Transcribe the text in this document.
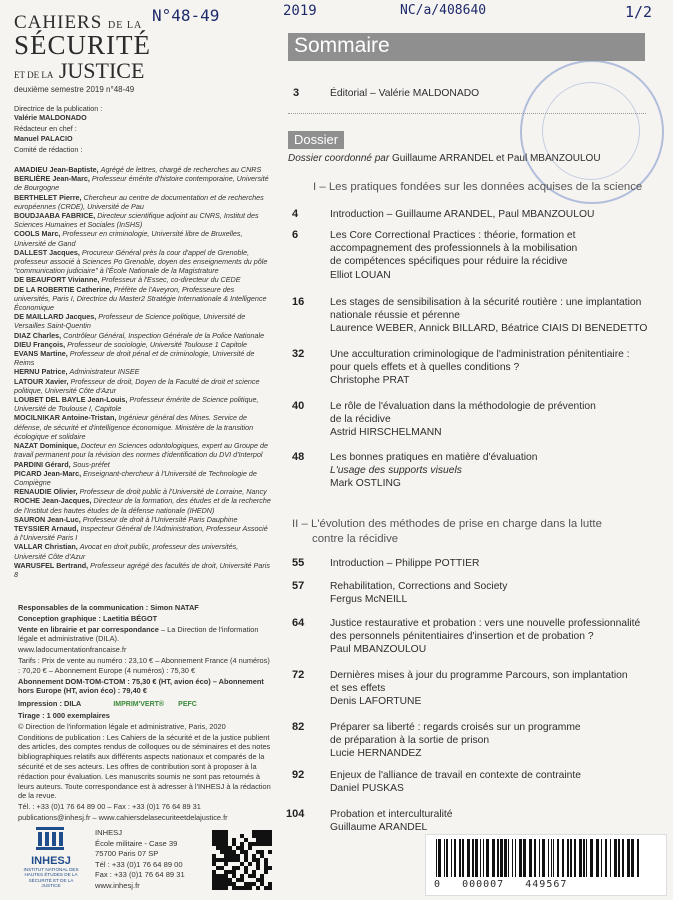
N°48-49	2019	NC/a/408640	1/2
CAHIERS DE LA
SÉCURITÉ
ET DE LA JUSTICE
deuxième semestre 2019 n°48-49
Directrice de la publication :
Valérie MALDONADO
Rédacteur en chef :
Manuel PALACIO
Comité de rédaction :

AMADIEU Jean-Baptiste, Agrégé de lettres, chargé de recherches au CNRS

BERLIÈRE Jean-Marc, Professeur émérite d'histoire contemporaine, Université de Bourgogne

BERTHELET Pierre, Chercheur au centre de documentation et de recherches européennes (CRDE), Université de Pau

BOUDJAABA FABRICE, Directeur scientifique adjoint au CNRS, Institut des Sciences Humaines et Sociales (InSHS)

COOLS Marc, Professeur en criminologie, Université libre de Bruxelles, Université de Gand

DALLEST Jacques, Procureur Général près la cour d'appel de Grenoble, professeur associé à Sciences Po Grenoble, doyen des enseignements du pôle "communication judiciaire" à l'École Nationale de la Magistrature

DE BEAUFORT Vivianne, Professeur à l'Essec, co-directeur du CEDE

DE LA ROBERTIE Catherine, Préfète de l'Aveyron, Professeure des universités, Paris I, Directrice du Master2 Stratégie Internationale & Intelligence Économique

DE MAILLARD Jacques, Professeur de Science politique, Université de Versailles Saint-Quentin

DIAZ Charles, Contrôleur Général, Inspection Générale de la Police Nationale

DIEU François, Professeur de sociologie, Université Toulouse 1 Capitole

EVANS Martine, Professeur de droit pénal et de criminologie, Université de Reims

HERNU Patrice, Administrateur INSEE

LATOUR Xavier, Professeur de droit, Doyen de la Faculté de droit et science politique, Université Côte d'Azur

LOUBET DEL BAYLE Jean-Louis, Professeur émérite de Science politique, Université de Toulouse I, Capitole

MOCILNIKAR Antoine-Tristan, Ingénieur général des Mines. Service de défense, de sécurité et d'intelligence économique. Ministère de la transition écologique et solidaire

NAZAT Dominique, Docteur en Sciences odontologiques, expert au Groupe de travail permanent pour la révision des normes d'identification du DVI d'Interpol

PARDINI Gérard, Sous-préfet

PICARD Jean-Marc, Enseignant-chercheur à l'Université de Technologie de Compiègne

RENAUDIE Olivier, Professeur de droit public à l'Université de Lorraine, Nancy

ROCHE Jean-Jacques, Directeur de la formation, des études et de la recherche de l'Institut des hautes études de la défense nationale (IHEDN)

SAURON Jean-Luc, Professeur de droit à l'Université Paris Dauphine

TEYSSIER Arnaud, Inspecteur Général de l'Administration, Professeur Associé à l'Université Paris I

VALLAR Christian, Avocat en droit public, professeur des universités, Université Côte d'Azur

WARUSFEL Bertrand, Professeur agrégé des facultés de droit, Université Paris 8

Responsables de la communication : Simon NATAF

Conception graphique : Laetitia BÉGOT

Vente en librairie et par correspondance – La Direction de l'information légale et administrative (DILA).

www.ladocumentationfrancaise.fr

Tarifs : Prix de vente au numéro : 23,10 € – Abonnement France (4 numéros) : 70,20 € – Abonnement Europe (4 numéros) : 75,30 €

Abonnement DOM-TOM-CTOM : 75,30 € (HT, avion éco) – Abonnement hors Europe (HT, avion éco) : 79,40 €

Impression : DILA	IMPRIM'VERT® PEFC

Tirage : 1 000 exemplaires

© Direction de l'information légale et administrative, Paris, 2020

Conditions de publication : Les Cahiers de la sécurité et de la justice publient des articles, des comptes rendus de colloques ou de séminaires et des notes bibliographiques relatifs aux différents aspects nationaux et comparés de la sécurité et de ses acteurs. Les offres de contribution sont à proposer à la rédaction pour évaluation. Les manuscrits soumis ne sont pas retournés à leurs auteurs. Toute correspondance est à adresser à l'INHESJ à la rédaction de la revue.

Tél. : +33 (0)1 76 64 89 00 – Fax : +33 (0)1 76 64 89 31

publications@inhesj.fr – www.cahiersdelasecuriteetdelajustice.fr

INHESJ
INSTITUT NATIONAL DES HAUTES ÉTUDES DE LA SÉCURITÉ ET DE LA JUSTICE
INHESJ
École militaire - Case 39
75700 Paris 07 SP
Tél : +33 (0)1 76 64 89 00
Fax : +33 (0)1 76 64 89 31
www.inhesj.fr
Sommaire
3	Éditorial – Valérie MALDONADO
Dossier
Dossier coordonné par Guillaume ARRANDEL et Paul MBANZOULOU
I – Les pratiques fondées sur les données acquises de la science
4	Introduction – Guillaume ARANDEL, Paul MBANZOULOU
6	Les Core Correctional Practices : théorie, formation et
accompagnement des professionnels à la mobilisation
de compétences spécifiques pour réduire la récidive
Elliot LOUAN
16	Les stages de sensibilisation à la sécurité routière : une implantation
nationale réussie et pérenne
Laurence WEBER, Annick BILLARD, Béatrice CIAIS DI BENEDETTO
32	Une acculturation criminologique de l'administration pénitentiaire :
pour quels effets et à quelles conditions ?
Christophe PRAT
40	Le rôle de l'évaluation dans la méthodologie de prévention
de la récidive
Astrid HIRSCHELMANN
48	Les bonnes pratiques en matière d'évaluation
L'usage des supports visuels
Mark OSTLING
II – L'évolution des méthodes de prise en charge dans la lutte
contre la récidive
55	Introduction – Philippe POTTIER
57	Rehabilitation, Corrections and Society
Fergus McNEILL
64	Justice restaurative et probation : vers une nouvelle professionnalité
des personnels pénitentiaires d'insertion et de probation ?
Paul MBANZOULOU
72	Dernières mises à jour du programme Parcours, son implantation
et ses effets
Denis LAFORTUNE
82	Préparer sa liberté : regards croisés sur un programme
de préparation à la sortie de prison
Lucie HERNANDEZ
92	Enjeux de l'alliance de travail en contexte de contrainte
Daniel PUSKAS
104 Probation et interculturalité
Guillaume ARANDEL
0   000007   449567
